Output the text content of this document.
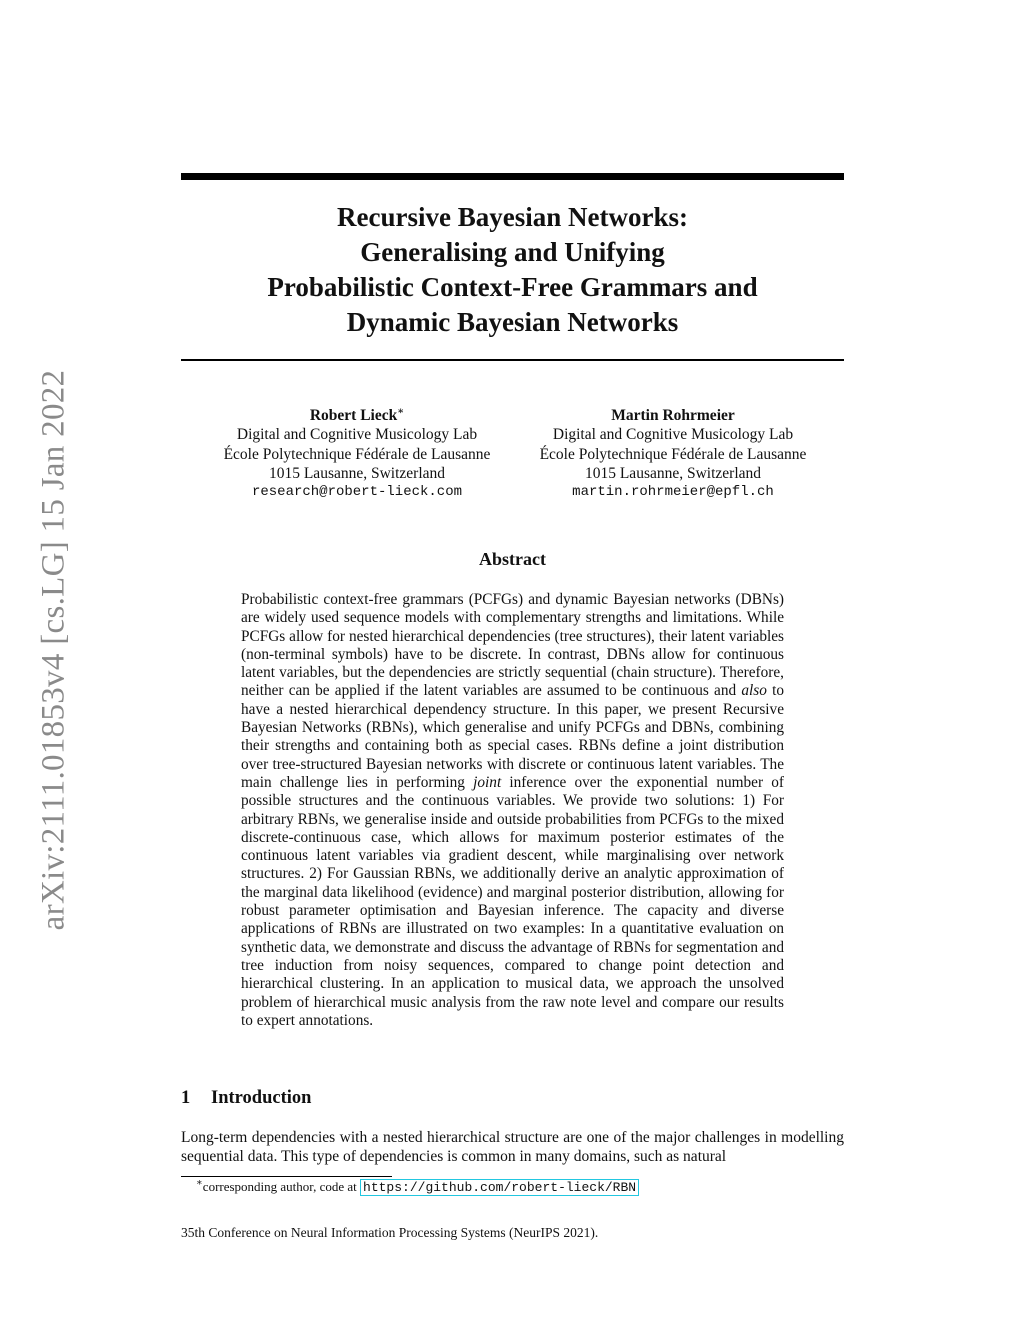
arXiv:2111.01853v4 [cs.LG] 15 Jan 2022
Recursive Bayesian Networks:
Generalising and Unifying
Probabilistic Context-Free Grammars and
Dynamic Bayesian Networks
Robert Lieck∗
Digital and Cognitive Musicology Lab
École Polytechnique Fédérale de Lausanne
1015 Lausanne, Switzerland
research@robert-lieck.com
Martin Rohrmeier
Digital and Cognitive Musicology Lab
École Polytechnique Fédérale de Lausanne
1015 Lausanne, Switzerland
martin.rohrmeier@epfl.ch
Abstract
Probabilistic context-free grammars (PCFGs) and dynamic Bayesian networks (DBNs) are widely used sequence models with complementary strengths and limitations. While PCFGs allow for nested hierarchical dependencies (tree structures), their latent variables (non-terminal symbols) have to be discrete. In contrast, DBNs allow for continuous latent variables, but the dependencies are strictly sequential (chain structure). Therefore, neither can be applied if the latent variables are assumed to be continuous and also to have a nested hierarchical dependency structure. In this paper, we present Recursive Bayesian Networks (RBNs), which generalise and unify PCFGs and DBNs, combining their strengths and containing both as special cases. RBNs define a joint distribution over tree-structured Bayesian networks with discrete or continuous latent variables. The main challenge lies in performing joint inference over the exponential number of possible structures and the continuous variables. We provide two solutions: 1) For arbitrary RBNs, we generalise inside and outside probabilities from PCFGs to the mixed discrete-continuous case, which allows for maximum posterior estimates of the continuous latent variables via gradient descent, while marginalising over network structures. 2) For Gaussian RBNs, we additionally derive an analytic approximation of the marginal data likelihood (evidence) and marginal posterior distribution, allowing for robust parameter optimisation and Bayesian inference. The capacity and diverse applications of RBNs are illustrated on two examples: In a quantitative evaluation on synthetic data, we demonstrate and discuss the advantage of RBNs for segmentation and tree induction from noisy sequences, compared to change point detection and hierarchical clustering. In an application to musical data, we approach the unsolved problem of hierarchical music analysis from the raw note level and compare our results to expert annotations.
1 Introduction
Long-term dependencies with a nested hierarchical structure are one of the major challenges in modelling sequential data. This type of dependencies is common in many domains, such as natural
∗corresponding author, code at https://github.com/robert-lieck/RBN
35th Conference on Neural Information Processing Systems (NeurIPS 2021).
